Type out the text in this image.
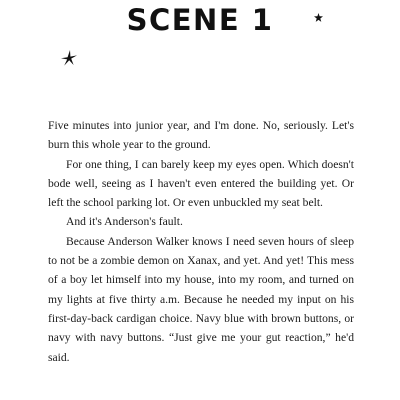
SCENE 1

Five minutes into junior year, and I'm done. No, seriously. Let's burn this whole year to the ground.

For one thing, I can barely keep my eyes open. Which doesn't bode well, seeing as I haven't even entered the building yet. Or left the school parking lot. Or even unbuckled my seat belt.

And it's Anderson's fault.

Because Anderson Walker knows I need seven hours of sleep to not be a zombie demon on Xanax, and yet. And yet! This mess of a boy let himself into my house, into my room, and turned on my lights at five thirty a.m. Because he needed my input on his first-day-back cardigan choice. Navy blue with brown buttons, or navy with navy buttons. “Just give me your gut reaction,” he'd said.
